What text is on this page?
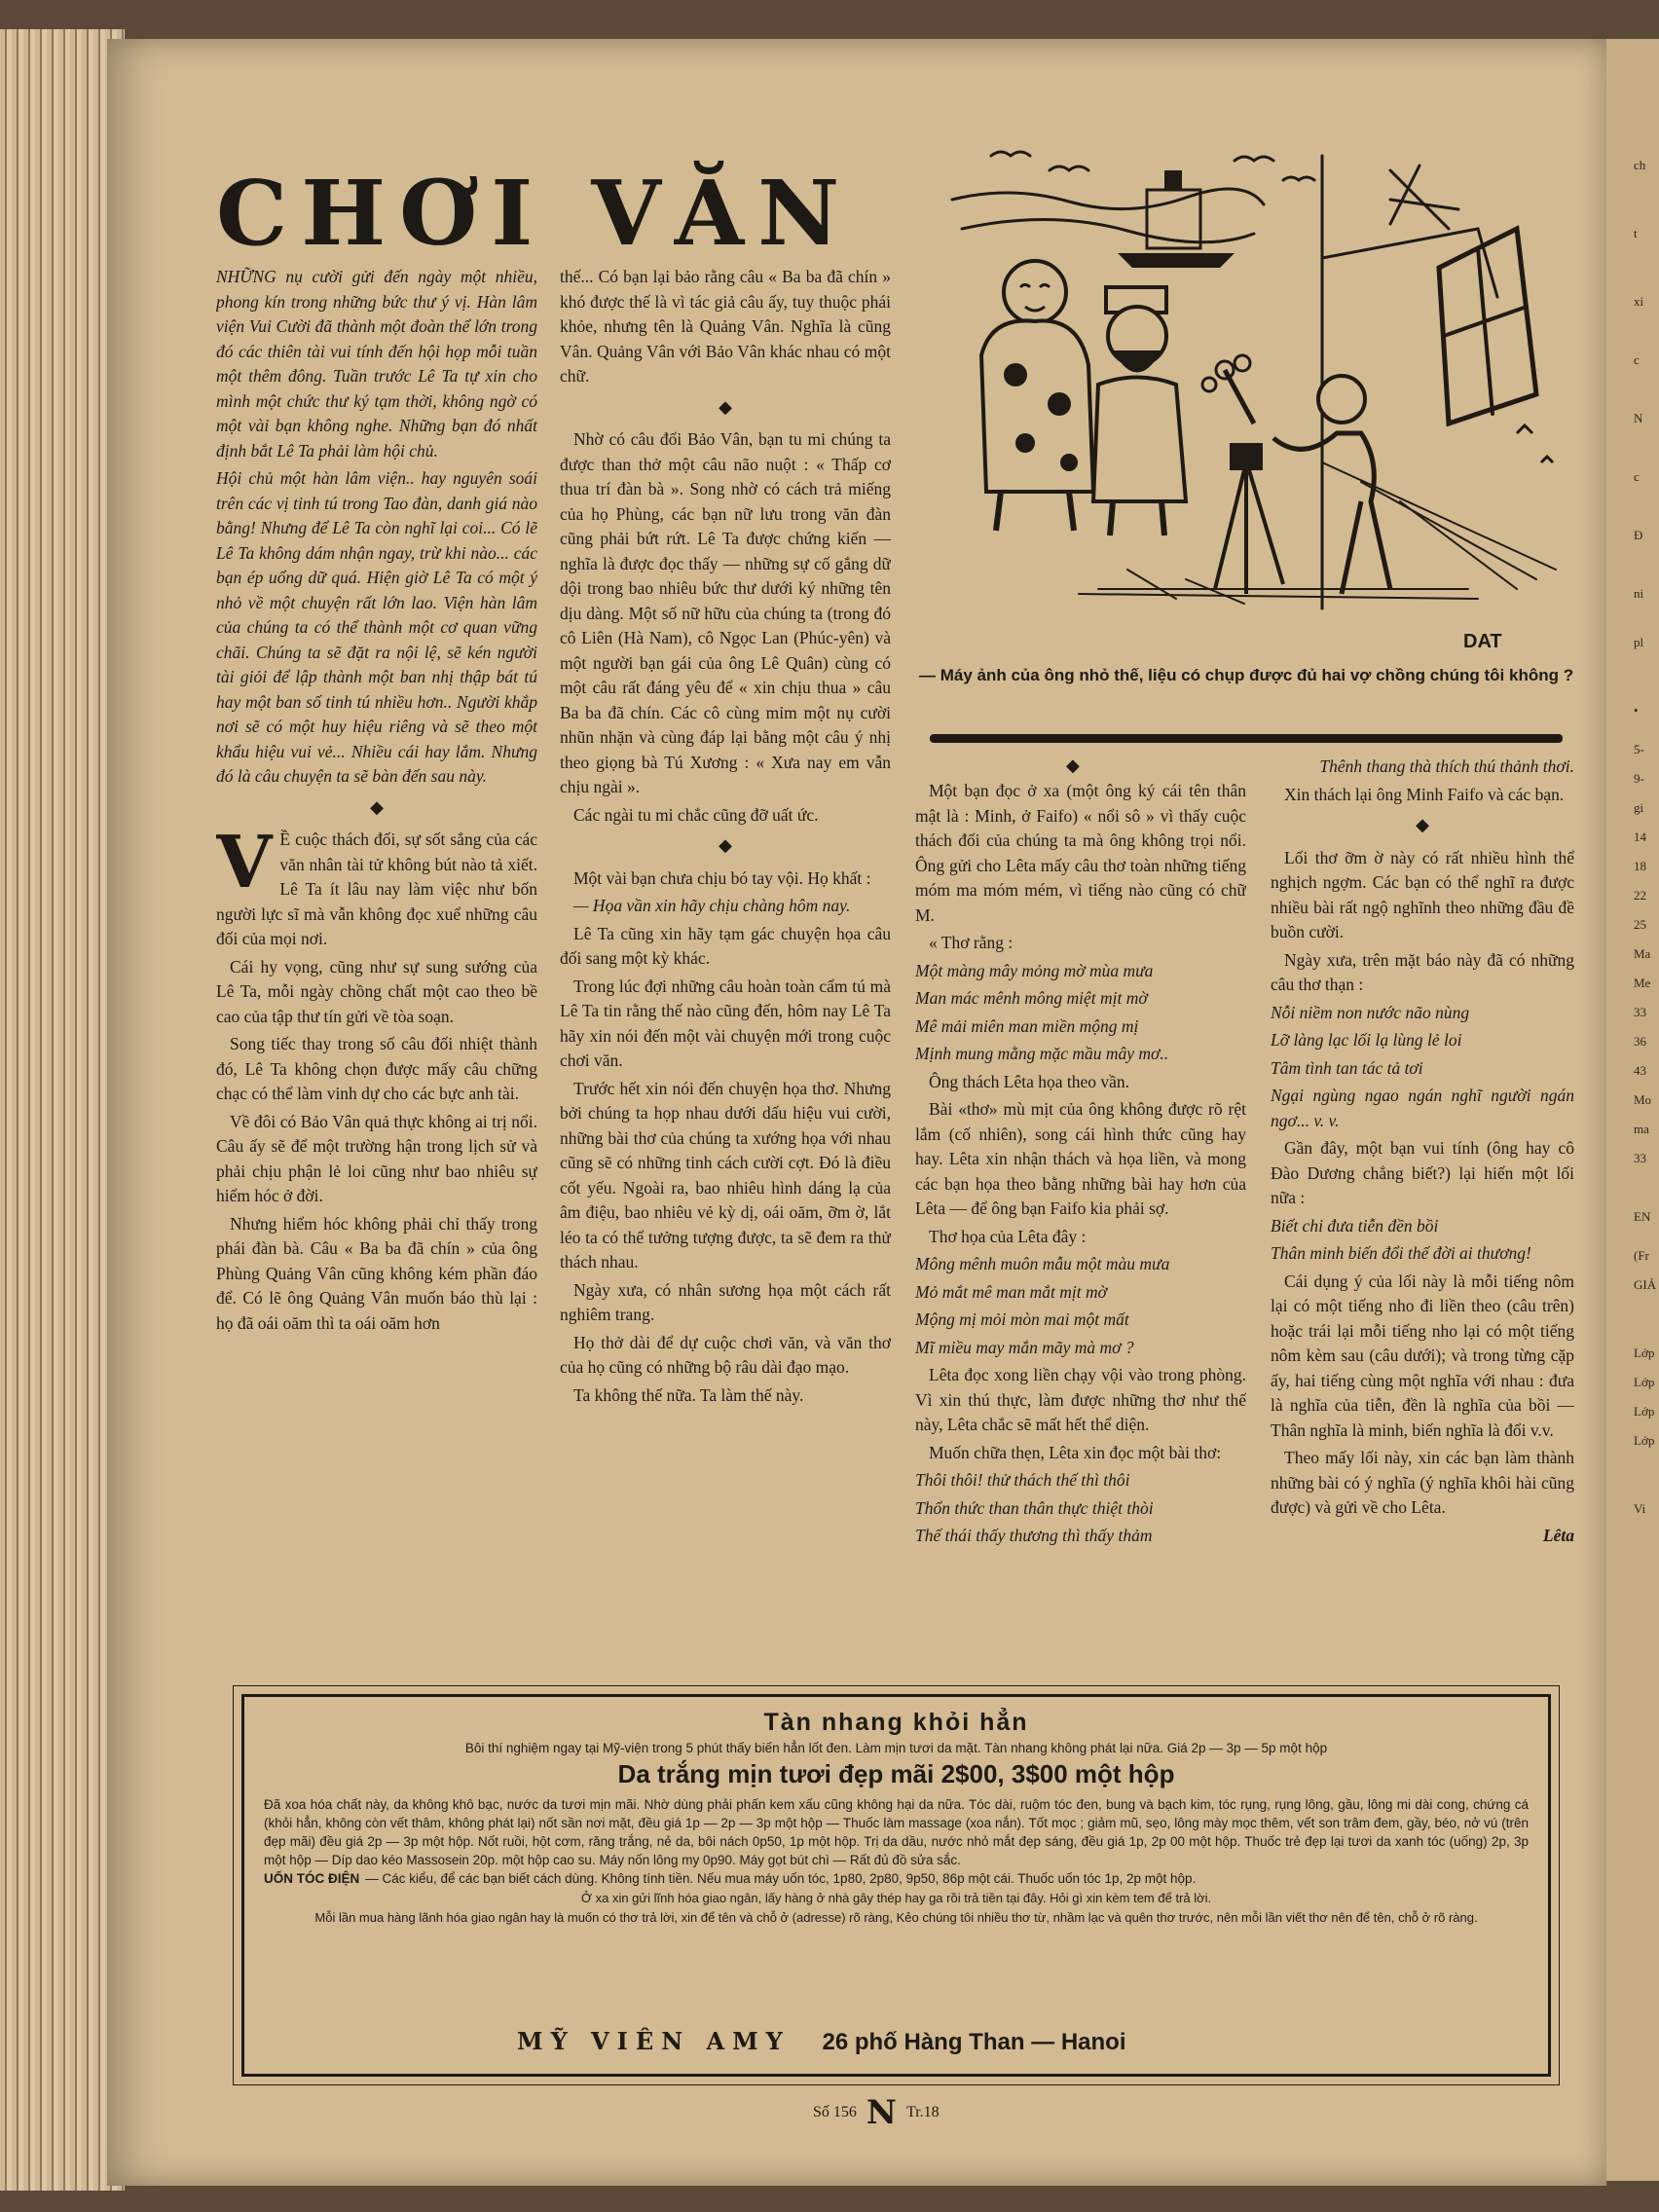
CHƠI VĂN

NHỮNG nụ cười gửi đến ngày một nhiều, phong kín trong những bức thư ý vị. Hàn lâm viện Vui Cười đã thành một đoàn thể lớn trong đó các thiên tài vui tính đến hội họp mỗi tuần một thêm đông. Tuần trước Lê Ta tự xin cho mình một chức thư ký tạm thời, không ngờ có một vài bạn không nghe. Những bạn đó nhất định bắt Lê Ta phải làm hội chủ.

Hội chủ một hàn lâm viện.. hay nguyên soái trên các vị tinh tú trong Tao đàn, danh giá nào bằng! Nhưng để Lê Ta còn nghĩ lại coi... Có lẽ Lê Ta không dám nhận ngay, trừ khi nào... các bạn ép uổng dữ quá. Hiện giờ Lê Ta có một ý nhỏ về một chuyện rất lớn lao. Viện hàn lâm của chúng ta có thể thành một cơ quan vững chãi. Chúng ta sẽ đặt ra nội lệ, sẽ kén người tài giỏi để lập thành một ban nhị thập bát tú hay một ban số tinh tú nhiều hơn.. Người khắp nơi sẽ có một huy hiệu riêng và sẽ theo một khẩu hiệu vui vẻ... Nhiều cái hay lắm. Nhưng đó là câu chuyện ta sẽ bàn đến sau này.

◆
V Ề cuộc thách đối, sự sốt sắng của các văn nhân tài tử không bút nào tả xiết. Lê Ta ít lâu nay làm việc như bốn người lực sĩ mà vẫn không đọc xuể những câu đối của mọi nơi.

Cái hy vọng, cũng như sự sung sướng của Lê Ta, mỗi ngày chồng chất một cao theo bề cao của tập thư tín gửi về tòa soạn.

Song tiếc thay trong số câu đối nhiệt thành đó, Lê Ta không chọn được mấy câu chững chạc có thể làm vinh dự cho các bực anh tài.

Về đôi có Bảo Vân quả thực không ai trị nổi. Câu ấy sẽ để một trường hận trong lịch sử và phải chịu phận lẻ loi cũng như bao nhiêu sự hiểm hóc ở đời.

Nhưng hiểm hóc không phải chỉ thấy trong phái đàn bà. Câu « Ba ba đã chín » của ông Phùng Quảng Vân cũng không kém phần đáo để. Có lẽ ông Quảng Vân muốn báo thù lại : họ đã oái oăm thì ta oái oăm hơn

thế... Có bạn lại bảo rằng câu « Ba ba đã chín » khó được thế là vì tác giả câu ấy, tuy thuộc phái khỏe, nhưng tên là Quảng Vân. Nghĩa là cũng Vân. Quảng Vân với Bảo Vân khác nhau có một chữ.

◆

Nhờ có câu đối Bảo Vân, bạn tu mi chúng ta được than thở một câu não nuột : « Thấp cơ thua trí đàn bà ». Song nhờ có cách trả miếng của họ Phùng, các bạn nữ lưu trong văn đàn cũng phải bứt rứt. Lê Ta được chứng kiến — nghĩa là được đọc thấy — những sự cố gắng dữ dội trong bao nhiêu bức thư dưới ký những tên dịu dàng. Một số nữ hữu của chúng ta (trong đó cô Liên (Hà Nam), cô Ngọc Lan (Phúc-yên) và một người bạn gái của ông Lê Quân) cùng có một câu rất đáng yêu để « xin chịu thua » câu Ba ba đã chín. Các cô cùng mỉm một nụ cười nhũn nhặn và cùng đáp lại bằng một câu ý nhị theo giọng bà Tú Xương : « Xưa nay em vẫn chịu ngài ».

Các ngài tu mi chắc cũng đỡ uất ức.

◆

Một vài bạn chưa chịu bó tay vội. Họ khất :

— Họa vần xin hãy chịu chàng hôm nay.

Lê Ta cũng xin hãy tạm gác chuyện họa câu đối sang một kỳ khác.

Trong lúc đợi những câu hoàn toàn cẩm tú mà Lê Ta tin rằng thế nào cũng đến, hôm nay Lê Ta hãy xin nói đến một vài chuyện mới trong cuộc chơi văn.

Trước hết xin nói đến chuyện họa thơ. Nhưng bởi chúng ta họp nhau dưới dấu hiệu vui cười, những bài thơ của chúng ta xướng họa với nhau cũng sẽ có những tinh cách cười cợt. Đó là điều cốt yếu. Ngoài ra, bao nhiêu hình dáng lạ của âm điệu, bao nhiêu vẻ kỳ dị, oái oăm, ỡm ờ, lắt léo ta có thể tưởng tượng được, ta sẽ đem ra thử thách nhau.

Ngày xưa, có nhân sương họa một cách rất nghiêm trang.

Họ thở dài để dự cuộc chơi văn, và văn thơ của họ cũng có những bộ râu dài đạo mạo.

Ta không thế nữa. Ta làm thế này.

DAT

— Máy ảnh của ông nhỏ thế, liệu có chụp được đủ hai vợ chồng chúng tôi không ?

◆

Một bạn đọc ở xa (một ông ký cái tên thân mật là : Minh, ở Faifo) « nổi sô » vì thấy cuộc thách đối của chúng ta mà ông không trọi nổi. Ông gửi cho Lêta mấy câu thơ toàn những tiếng móm ma móm mém, vì tiếng nào cũng có chữ M.

« Thơ rằng :

Một màng mây mỏng mờ mùa mưa

Man mác mênh mông miệt mịt mờ

Mê mải miên man miền mộng mị

Mịnh mung mằng mặc mầu mây mơ..

Ông thách Lêta họa theo vần.

Bài «thơ» mù mịt của ông không được rõ rệt lắm (cố nhiên), song cái hình thức cũng hay hay. Lêta xin nhận thách và họa liền, và mong các bạn họa theo bằng những bài hay hơn của Lêta — để ông bạn Faifo kia phải sợ.

Thơ họa của Lêta đây :

Mông mênh muôn mẫu một màu mưa

Mỏ mắt mê man mắt mịt mờ

Mộng mị mỏi mòn mai một mất

Mĩ miều may mắn mãy mà mơ ?

Lêta đọc xong liền chạy vội vào trong phòng. Vì xin thú thực, làm được những thơ như thế này, Lêta chắc sẽ mất hết thể diện.

Muốn chữa thẹn, Lêta xin đọc một bài thơ:

Thôi thôi! thử thách thế thì thôi

Thổn thức than thân thực thiệt thòi

Thế thái thấy thương thì thấy thảm

Thênh thang thà thích thú thảnh thơi.

Xin thách lại ông Minh Faifo và các bạn.

◆

Lối thơ ỡm ờ này có rất nhiều hình thể nghịch ngợm. Các bạn có thể nghĩ ra được nhiều bài rất ngộ nghĩnh theo những đầu đề buồn cười.

Ngày xưa, trên mặt báo này đã có những câu thơ thạn :

Nỗi niềm non nước não nùng

Lỡ làng lạc lối lạ lùng lẻ loi

Tâm tình tan tác tả tơi

Ngại ngùng ngao ngán nghĩ người ngán ngơ... v. v.

Gần đây, một bạn vui tính (ông hay cô Đào Dương chẳng biết?) lại hiến một lối nữa :

Biết chi đưa tiễn đền bồi

Thân minh biến đổi thế đời ai thương!

Cái dụng ý của lối này là mỗi tiếng nôm lại có một tiếng nho đi liền theo (câu trên) hoặc trái lại mỗi tiếng nho lại có một tiếng nôm kèm sau (câu dưới); và trong từng cặp ấy, hai tiếng cùng một nghĩa với nhau : đưa là nghĩa của tiễn, đền là nghĩa của bồi — Thân nghĩa là minh, biến nghĩa là đổi v.v.

Theo mấy lối này, xin các bạn làm thành những bài có ý nghĩa (ý nghĩa khôi hài cũng được) và gửi về cho Lêta.

Lêta

Tàn nhang khỏi hẳn

Bôi thí nghiệm ngay tại Mỹ-viện trong 5 phút thấy biến hẳn lốt đen. Làm mịn tươi da mặt. Tàn nhang không phát lại nữa. Giá 2p — 3p — 5p một hộp

Da trắng mịn tươi đẹp mãi 2$00, 3$00 một hộp

Đã xoa hóa chất này, da không khô bạc, nước da tươi mịn mãi. Nhờ dùng phải phấn kem xấu cũng không hại da nữa. Tóc dài, ruộm tóc đen, bung và bạch kim, tóc rụng, rụng lông, gầu, lông mi dài cong, chứng cá (khỏi hẳn, không còn vết thâm, không phát lại) nốt sần nơi mặt, đều giá 1p — 2p — 3p một hộp — Thuốc làm massage (xoa nắn). Tốt mọc ; giảm mũ, sẹo, lông mày mọc thêm, vết son trâm đem, gầy, béo, nở vú (trên đẹp mãi) đều giá 2p — 3p một hộp. Nốt ruồi, hột cơm, răng trắng, nẻ da, bôi nách 0p50, 1p một hộp. Trị da dầu, nước nhỏ mắt đẹp sáng, đều giá 1p, 2p 00 một hộp. Thuốc trẻ đẹp lại tươi da xanh tóc (uống) 2p, 3p một hộp — Díp dao kéo Massosein 20p. một hộp cao su. Máy nốn lông my 0p90. Máy gọt bút chì — Rất đủ đồ sửa sắc.

UỐN TÓC ĐIỆN — Các kiểu, để các bạn biết cách dùng. Không tính tiền. Nếu mua máy uốn tóc, 1p80, 2p80, 9p50, 86p một cái. Thuốc uốn tóc 1p, 2p một hộp.

Ở xa xin gửi lĩnh hóa giao ngân, lấy hàng ở nhà gây thép hay ga rồi trả tiền tại đây. Hỏi gì xin kèm tem để trả lời.

Mỗi lần mua hàng lãnh hóa giao ngân hay là muốn có thơ trả lời, xin để tên và chỗ ở (adresse) rõ ràng, Kẻo chúng tôi nhiều thơ từ, nhầm lạc và quên thơ trước, nên mỗi lần viết thơ nên để tên, chỗ ở rõ ràng.

MỸ VIÊN AMY 26 phố Hàng Than — Hanoi
Số 156 N Tr.18
ch
t
xi
c
N
c
Đ
ni
pl
•
5-
9-
gi
14
18
22
25
Ma
Me
33
36
43
Mo
ma
33
EN
(Fr
GIẢ
Lớp
Lớp
Lớp
Lớp
Vi
